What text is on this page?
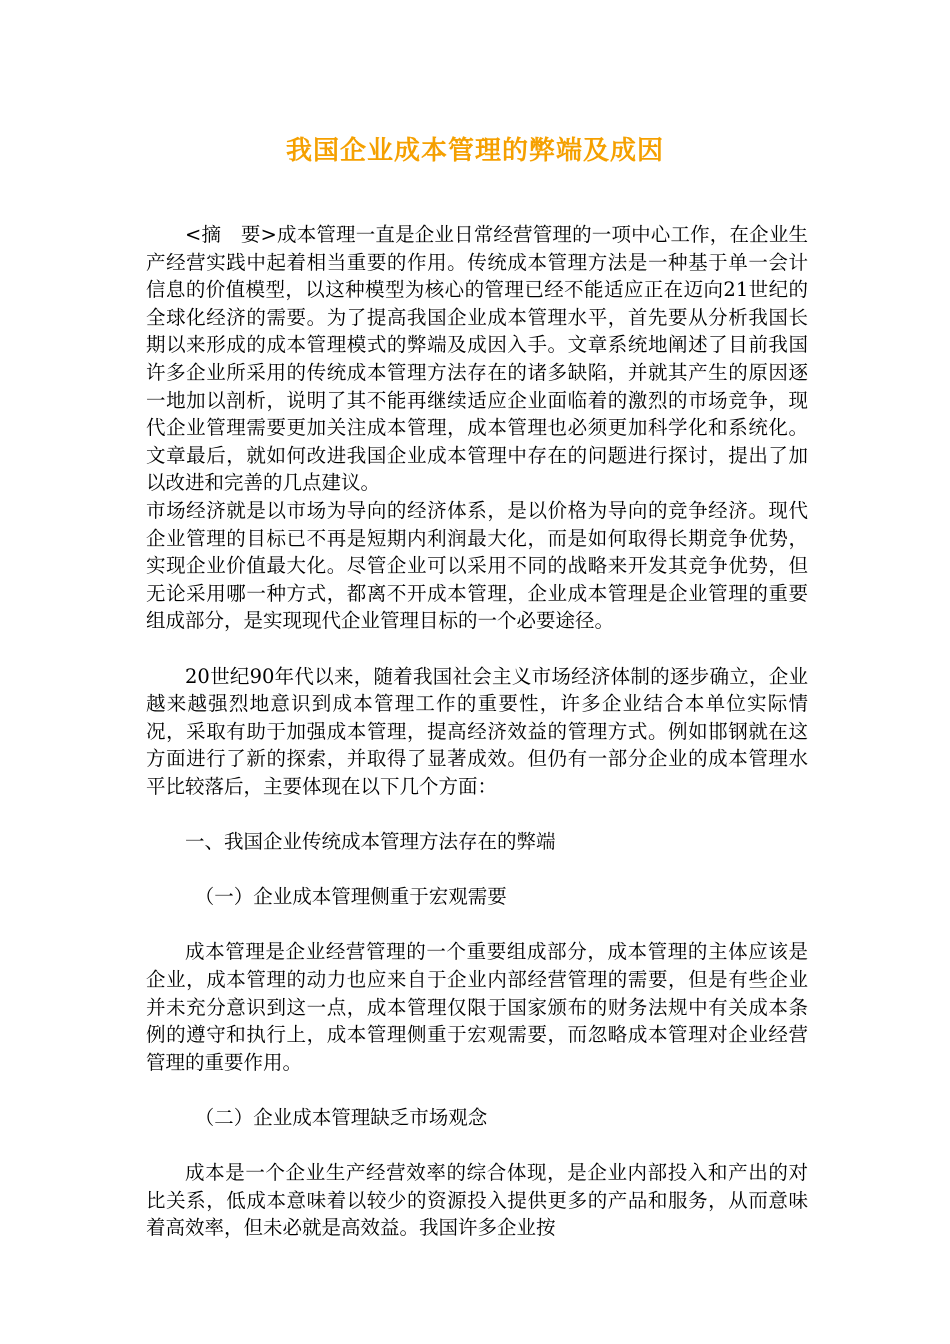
我国企业成本管理的弊端及成因

<摘　要>成本管理一直是企业日常经营管理的一项中心工作，在企业生产经营实践中起着相当重要的作用。传统成本管理方法是一种基于单一会计信息的价值模型，以这种模型为核心的管理已经不能适应正在迈向21世纪的全球化经济的需要。为了提高我国企业成本管理水平，首先要从分析我国长期以来形成的成本管理模式的弊端及成因入手。文章系统地阐述了目前我国许多企业所采用的传统成本管理方法存在的诸多缺陷，并就其产生的原因逐一地加以剖析，说明了其不能再继续适应企业面临着的激烈的市场竞争，现代企业管理需要更加关注成本管理，成本管理也必须更加科学化和系统化。文章最后，就如何改进我国企业成本管理中存在的问题进行探讨，提出了加以改进和完善的几点建议。

市场经济就是以市场为导向的经济体系，是以价格为导向的竞争经济。现代企业管理的目标已不再是短期内利润最大化，而是如何取得长期竞争优势，实现企业价值最大化。尽管企业可以采用不同的战略来开发其竞争优势，但无论采用哪一种方式，都离不开成本管理，企业成本管理是企业管理的重要组成部分，是实现现代企业管理目标的一个必要途径。

20世纪90年代以来，随着我国社会主义市场经济体制的逐步确立，企业越来越强烈地意识到成本管理工作的重要性，许多企业结合本单位实际情况，采取有助于加强成本管理，提高经济效益的管理方式。例如邯钢就在这方面进行了新的探索，并取得了显著成效。但仍有一部分企业的成本管理水平比较落后，主要体现在以下几个方面：

一、我国企业传统成本管理方法存在的弊端

（一）企业成本管理侧重于宏观需要

成本管理是企业经营管理的一个重要组成部分，成本管理的主体应该是企业，成本管理的动力也应来自于企业内部经营管理的需要，但是有些企业并未充分意识到这一点，成本管理仅限于国家颁布的财务法规中有关成本条例的遵守和执行上，成本管理侧重于宏观需要，而忽略成本管理对企业经营管理的重要作用。

（二）企业成本管理缺乏市场观念

成本是一个企业生产经营效率的综合体现，是企业内部投入和产出的对比关系，低成本意味着以较少的资源投入提供更多的产品和服务，从而意味着高效率，但未必就是高效益。我国许多企业按
